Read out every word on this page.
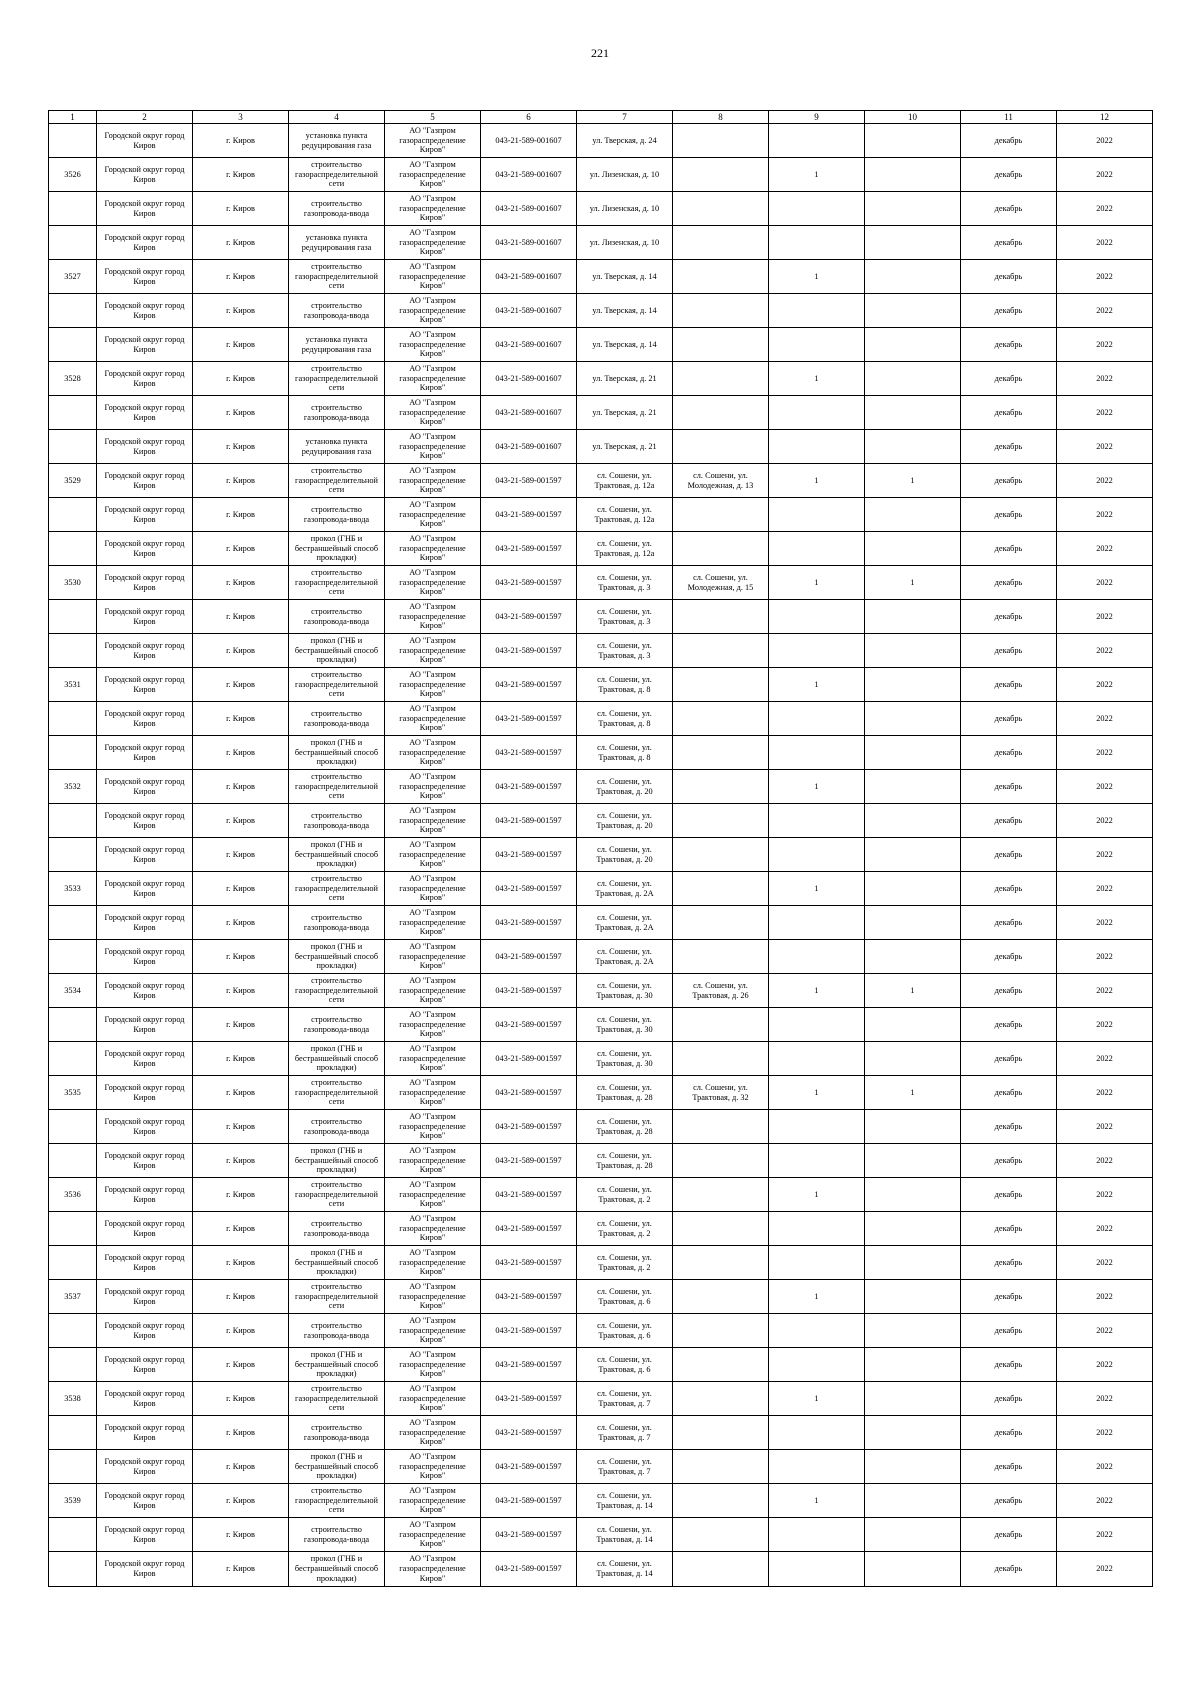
221
1	2	3	4	5	6	7	8	9	10	11	12
	Городской округ город Киров	г. Киров	установка пункта редуцирования газа	АО "Газпром газораспределение Киров"	043-21-589-001607	ул. Тверская, д. 24				декабрь	2022
3526	Городской округ город Киров	г. Киров	строительство газораспределительной сети	АО "Газпром газораспределение Киров"	043-21-589-001607	ул. Лизенская, д. 10		1		декабрь	2022
	Городской округ город Киров	г. Киров	строительство газопровода-ввода	АО "Газпром газораспределение Киров"	043-21-589-001607	ул. Лизенская, д. 10				декабрь	2022
	Городской округ город Киров	г. Киров	установка пункта редуцирования газа	АО "Газпром газораспределение Киров"	043-21-589-001607	ул. Лизенская, д. 10				декабрь	2022
3527	Городской округ город Киров	г. Киров	строительство газораспределительной сети	АО "Газпром газораспределение Киров"	043-21-589-001607	ул. Тверская, д. 14		1		декабрь	2022
	Городской округ город Киров	г. Киров	строительство газопровода-ввода	АО "Газпром газораспределение Киров"	043-21-589-001607	ул. Тверская, д. 14				декабрь	2022
	Городской округ город Киров	г. Киров	установка пункта редуцирования газа	АО "Газпром газораспределение Киров"	043-21-589-001607	ул. Тверская, д. 14				декабрь	2022
3528	Городской округ город Киров	г. Киров	строительство газораспределительной сети	АО "Газпром газораспределение Киров"	043-21-589-001607	ул. Тверская, д. 21		1		декабрь	2022
	Городской округ город Киров	г. Киров	строительство газопровода-ввода	АО "Газпром газораспределение Киров"	043-21-589-001607	ул. Тверская, д. 21				декабрь	2022
	Городской округ город Киров	г. Киров	установка пункта редуцирования газа	АО "Газпром газораспределение Киров"	043-21-589-001607	ул. Тверская, д. 21				декабрь	2022
3529	Городской округ город Киров	г. Киров	строительство газораспределительной сети	АО "Газпром газораспределение Киров"	043-21-589-001597	сл. Сошени, ул. Трактовая, д. 12а	сл. Сошени, ул. Молодежная, д. 13	1	1	декабрь	2022
	Городской округ город Киров	г. Киров	строительство газопровода-ввода	АО "Газпром газораспределение Киров"	043-21-589-001597	сл. Сошени, ул. Трактовая, д. 12а				декабрь	2022
	Городской округ город Киров	г. Киров	прокол (ГНБ и бестраншейный способ прокладки)	АО "Газпром газораспределение Киров"	043-21-589-001597	сл. Сошени, ул. Трактовая, д. 12а				декабрь	2022
3530	Городской округ город Киров	г. Киров	строительство газораспределительной сети	АО "Газпром газораспределение Киров"	043-21-589-001597	сл. Сошени, ул. Трактовая, д. 3	сл. Сошени, ул. Молодежная, д. 15	1	1	декабрь	2022
	Городской округ город Киров	г. Киров	строительство газопровода-ввода	АО "Газпром газораспределение Киров"	043-21-589-001597	сл. Сошени, ул. Трактовая, д. 3				декабрь	2022
	Городской округ город Киров	г. Киров	прокол (ГНБ и бестраншейный способ прокладки)	АО "Газпром газораспределение Киров"	043-21-589-001597	сл. Сошени, ул. Трактовая, д. 3				декабрь	2022
3531	Городской округ город Киров	г. Киров	строительство газораспределительной сети	АО "Газпром газораспределение Киров"	043-21-589-001597	сл. Сошени, ул. Трактовая, д. 8		1		декабрь	2022
	Городской округ город Киров	г. Киров	строительство газопровода-ввода	АО "Газпром газораспределение Киров"	043-21-589-001597	сл. Сошени, ул. Трактовая, д. 8				декабрь	2022
	Городской округ город Киров	г. Киров	прокол (ГНБ и бестраншейный способ прокладки)	АО "Газпром газораспределение Киров"	043-21-589-001597	сл. Сошени, ул. Трактовая, д. 8				декабрь	2022
3532	Городской округ город Киров	г. Киров	строительство газораспределительной сети	АО "Газпром газораспределение Киров"	043-21-589-001597	сл. Сошени, ул. Трактовая, д. 20		1		декабрь	2022
	Городской округ город Киров	г. Киров	строительство газопровода-ввода	АО "Газпром газораспределение Киров"	043-21-589-001597	сл. Сошени, ул. Трактовая, д. 20				декабрь	2022
	Городской округ город Киров	г. Киров	прокол (ГНБ и бестраншейный способ прокладки)	АО "Газпром газораспределение Киров"	043-21-589-001597	сл. Сошени, ул. Трактовая, д. 20				декабрь	2022
3533	Городской округ город Киров	г. Киров	строительство газораспределительной сети	АО "Газпром газораспределение Киров"	043-21-589-001597	сл. Сошени, ул. Трактовая, д. 2А		1		декабрь	2022
	Городской округ город Киров	г. Киров	строительство газопровода-ввода	АО "Газпром газораспределение Киров"	043-21-589-001597	сл. Сошени, ул. Трактовая, д. 2А				декабрь	2022
	Городской округ город Киров	г. Киров	прокол (ГНБ и бестраншейный способ прокладки)	АО "Газпром газораспределение Киров"	043-21-589-001597	сл. Сошени, ул. Трактовая, д. 2А				декабрь	2022
3534	Городской округ город Киров	г. Киров	строительство газораспределительной сети	АО "Газпром газораспределение Киров"	043-21-589-001597	сл. Сошени, ул. Трактовая, д. 30	сл. Сошени, ул. Трактовая, д. 26	1	1	декабрь	2022
	Городской округ город Киров	г. Киров	строительство газопровода-ввода	АО "Газпром газораспределение Киров"	043-21-589-001597	сл. Сошени, ул. Трактовая, д. 30				декабрь	2022
	Городской округ город Киров	г. Киров	прокол (ГНБ и бестраншейный способ прокладки)	АО "Газпром газораспределение Киров"	043-21-589-001597	сл. Сошени, ул. Трактовая, д. 30				декабрь	2022
3535	Городской округ город Киров	г. Киров	строительство газораспределительной сети	АО "Газпром газораспределение Киров"	043-21-589-001597	сл. Сошени, ул. Трактовая, д. 28	сл. Сошени, ул. Трактовая, д. 32	1	1	декабрь	2022
	Городской округ город Киров	г. Киров	строительство газопровода-ввода	АО "Газпром газораспределение Киров"	043-21-589-001597	сл. Сошени, ул. Трактовая, д. 28				декабрь	2022
	Городской округ город Киров	г. Киров	прокол (ГНБ и бестраншейный способ прокладки)	АО "Газпром газораспределение Киров"	043-21-589-001597	сл. Сошени, ул. Трактовая, д. 28				декабрь	2022
3536	Городской округ город Киров	г. Киров	строительство газораспределительной сети	АО "Газпром газораспределение Киров"	043-21-589-001597	сл. Сошени, ул. Трактовая, д. 2		1		декабрь	2022
	Городской округ город Киров	г. Киров	строительство газопровода-ввода	АО "Газпром газораспределение Киров"	043-21-589-001597	сл. Сошени, ул. Трактовая, д. 2				декабрь	2022
	Городской округ город Киров	г. Киров	прокол (ГНБ и бестраншейный способ прокладки)	АО "Газпром газораспределение Киров"	043-21-589-001597	сл. Сошени, ул. Трактовая, д. 2				декабрь	2022
3537	Городской округ город Киров	г. Киров	строительство газораспределительной сети	АО "Газпром газораспределение Киров"	043-21-589-001597	сл. Сошени, ул. Трактовая, д. 6		1		декабрь	2022
	Городской округ город Киров	г. Киров	строительство газопровода-ввода	АО "Газпром газораспределение Киров"	043-21-589-001597	сл. Сошени, ул. Трактовая, д. 6				декабрь	2022
	Городской округ город Киров	г. Киров	прокол (ГНБ и бестраншейный способ прокладки)	АО "Газпром газораспределение Киров"	043-21-589-001597	сл. Сошени, ул. Трактовая, д. 6				декабрь	2022
3538	Городской округ город Киров	г. Киров	строительство газораспределительной сети	АО "Газпром газораспределение Киров"	043-21-589-001597	сл. Сошени, ул. Трактовая, д. 7		1		декабрь	2022
	Городской округ город Киров	г. Киров	строительство газопровода-ввода	АО "Газпром газораспределение Киров"	043-21-589-001597	сл. Сошени, ул. Трактовая, д. 7				декабрь	2022
	Городской округ город Киров	г. Киров	прокол (ГНБ и бестраншейный способ прокладки)	АО "Газпром газораспределение Киров"	043-21-589-001597	сл. Сошени, ул. Трактовая, д. 7				декабрь	2022
3539	Городской округ город Киров	г. Киров	строительство газораспределительной сети	АО "Газпром газораспределение Киров"	043-21-589-001597	сл. Сошени, ул. Трактовая, д. 14		1		декабрь	2022
	Городской округ город Киров	г. Киров	строительство газопровода-ввода	АО "Газпром газораспределение Киров"	043-21-589-001597	сл. Сошени, ул. Трактовая, д. 14				декабрь	2022
	Городской округ город Киров	г. Киров	прокол (ГНБ и бестраншейный способ прокладки)	АО "Газпром газораспределение Киров"	043-21-589-001597	сл. Сошени, ул. Трактовая, д. 14				декабрь	2022
